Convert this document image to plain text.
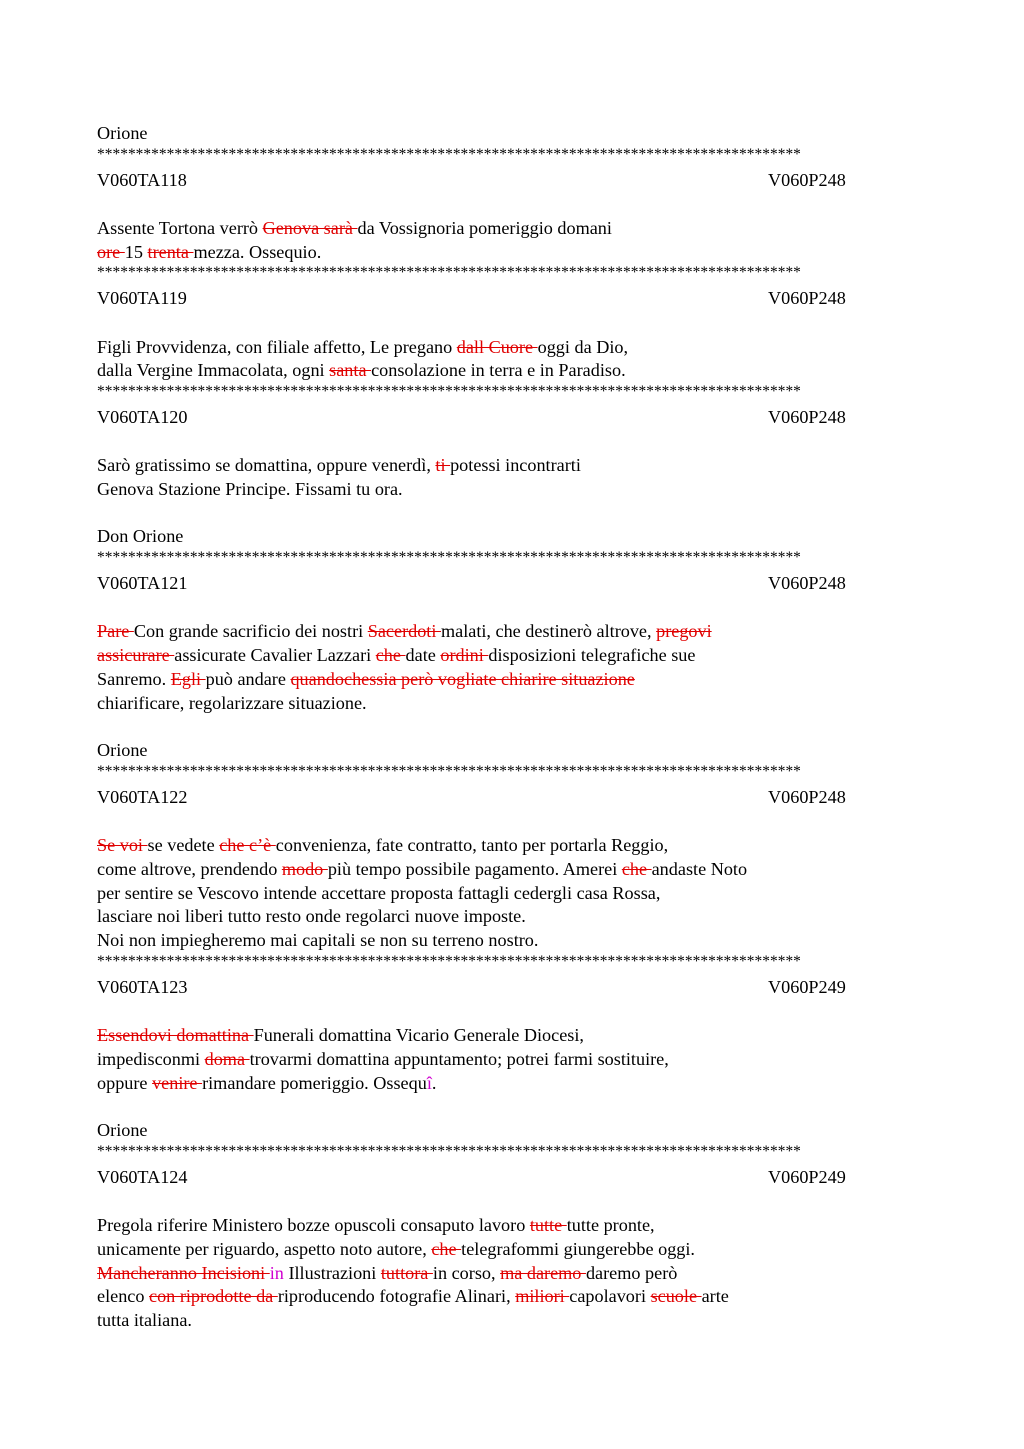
Orione
*******************************************************************************************
V060TA118	V060P248
Assente Tortona verrò Genova sarà da Vossignoria pomeriggio domani
ore 15 trenta mezza. Ossequio.
*******************************************************************************************
V060TA119	V060P248
Figli Provvidenza, con filiale affetto, Le pregano dall Cuore oggi da Dio,
dalla Vergine Immacolata, ogni santa consolazione in terra e in Paradiso.
*******************************************************************************************
V060TA120	V060P248
Sarò gratissimo se domattina, oppure venerdì, ti potessi incontrarti
Genova Stazione Principe. Fissami tu ora.
Don Orione
*******************************************************************************************
V060TA121	V060P248
Pare Con grande sacrificio dei nostri Sacerdoti malati, che destinerò altrove, pregovi
assicurare assicurate Cavalier Lazzari che date ordini disposizioni telegrafiche sue
Sanremo. Egli può andare quandochessia però vogliate chiarire situazione
chiarificare, regolarizzare situazione.
Orione
*******************************************************************************************
V060TA122	V060P248
Se voi se vedete che c’è convenienza, fate contratto, tanto per portarla Reggio,
come altrove, prendendo modo più tempo possibile pagamento. Amerei che andaste Noto
per sentire se Vescovo intende accettare proposta fattagli cedergli casa Rossa,
lasciare noi liberi tutto resto onde regolarci nuove imposte.
Noi non impiegheremo mai capitali se non su terreno nostro.
*******************************************************************************************
V060TA123	V060P249
Essendovi domattina Funerali domattina Vicario Generale Diocesi,
impedisconmi doma trovarmi domattina appuntamento; potrei farmi sostituire,
oppure venire rimandare pomeriggio. Ossequî.
Orione
*******************************************************************************************
V060TA124	V060P249
Pregola riferire Ministero bozze opuscoli consaputo lavoro tutte tutte pronte,
unicamente per riguardo, aspetto noto autore, che telegrafommi giungerebbe oggi.
Mancheranno Incisioni in Illustrazioni tuttora in corso, ma daremo daremo però
elenco con riprodotte da riproducendo fotografie Alinari, miliori capolavori scuole arte
tutta italiana.
